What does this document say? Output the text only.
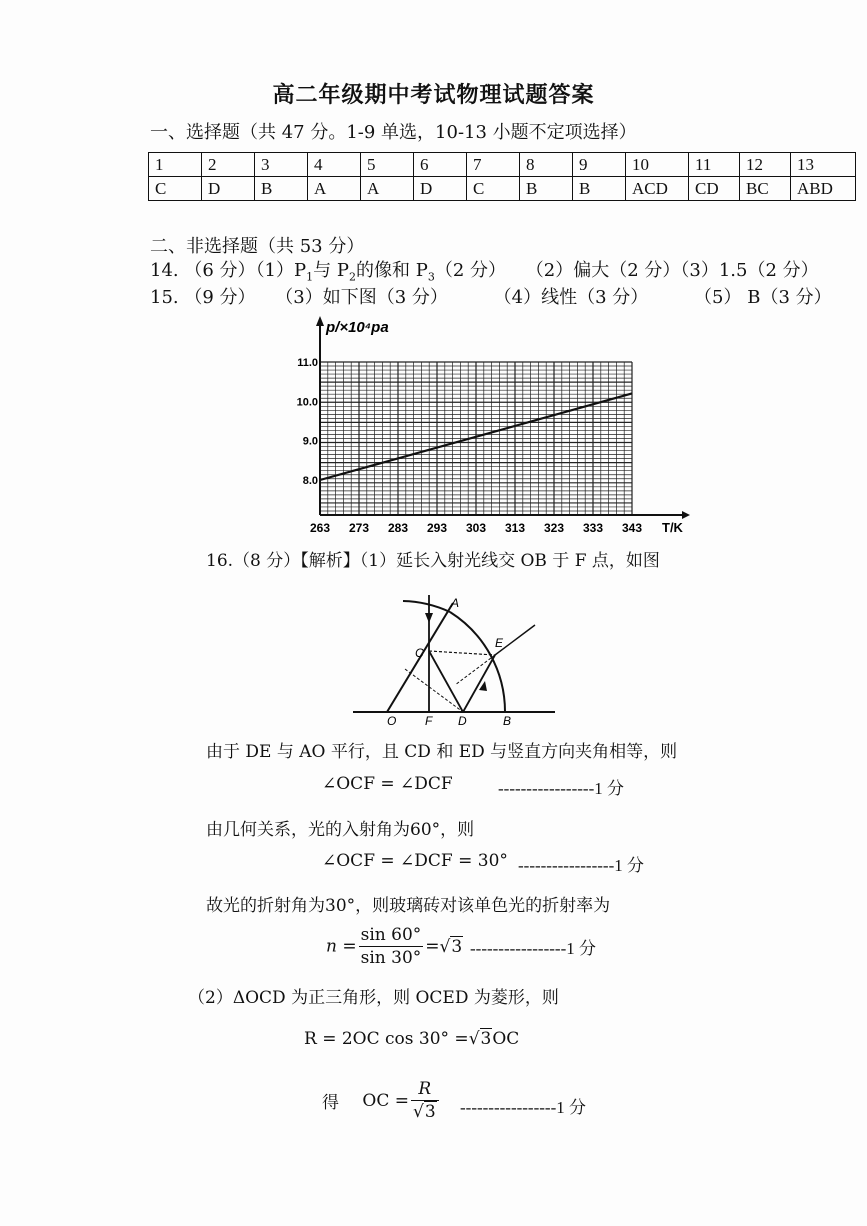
高二年级期中考试物理试题答案
一、选择题（共 47 分。1-9 单选，10-13 小题不定项选择）
1	2	3	4	5	6	7	8	9	10	11	12	13
C	D	B	A	A	D	C	B	B	ACD	CD	BC	ABD
二、非选择题（共 53 分）
14. （6 分）$(1)P_1$与 $P_2$的像和 $P_3(2$ 分） （2）偏大（2 分）（3）1.5（2 分）
15. （9 分） （3）如下图（3 分）	（4）线性（3 分）	（5） B（3 分）
263 273 283 293 303 313 323 333 343
8.0
9.0
10.0
11.0
p/×10⁴pa
T/K
16.（8 分）【解析】（1）延长入射光线交 OB 于 F 点，如图
A
C
E
O F D	B
由于 DE 与 AO 平行，且 CD 和 ED 与竖直方向夹角相等，则
∠OCF = ∠DCF	-----------------1 分
由几何关系，光的入射角为60°，则
∠OCF = ∠DCF = 30° -----------------1 分
故光的折射角为30°，则玻璃砖对该单色光的折射率为
$n = \frac{\sin 60^\circ}{\sin 30^\circ} =√3$ -----------------1 分
（2）ΔOCD 为正三角形，则 OCED 为菱形，则
R = 2OC cos 30° =√3OC
得 OC = $\frac{R}{√3} -----------------1$ 分
